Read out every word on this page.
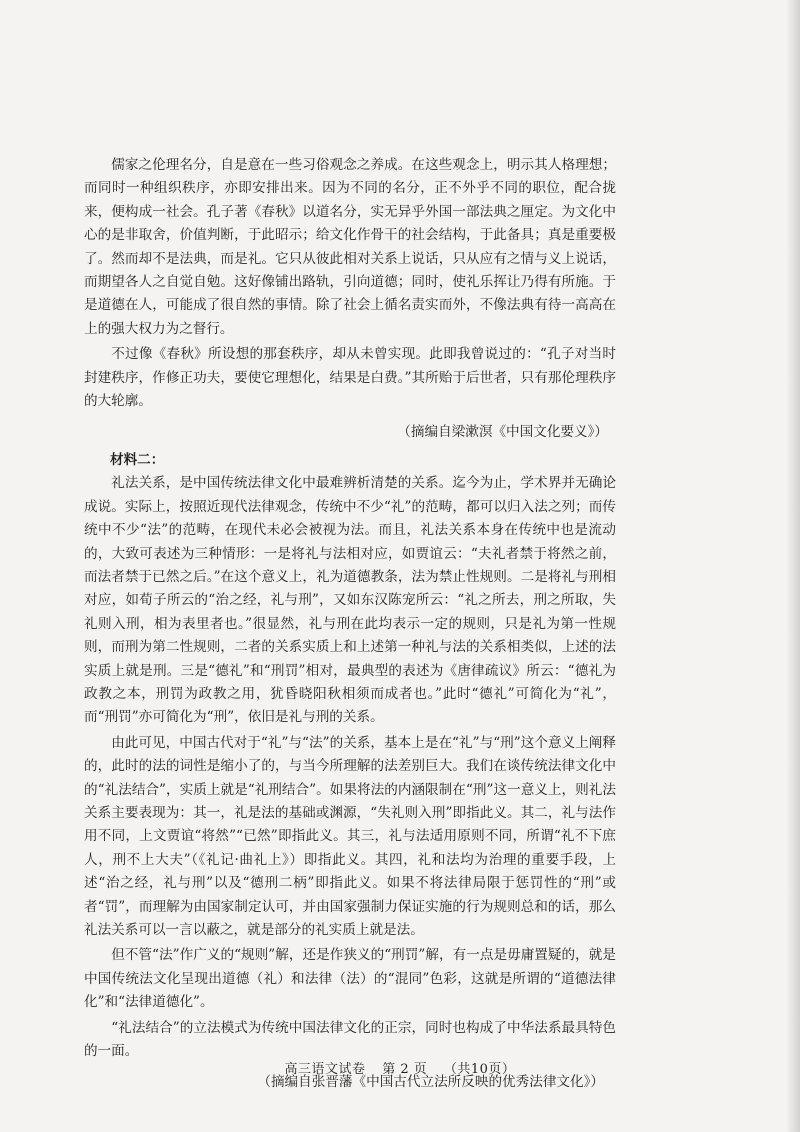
儒家之伦理名分，自是意在一些习俗观念之养成。在这些观念上，明示其人格理想；而同时一种组织秩序，亦即安排出来。因为不同的名分，正不外乎不同的职位，配合拢来，便构成一社会。孔子著《春秋》以道名分，实无异乎外国一部法典之厘定。为文化中心的是非取舍，价值判断，于此昭示；给文化作骨干的社会结构，于此备具；真是重要极了。然而却不是法典，而是礼。它只从彼此相对关系上说话，只从应有之情与义上说话，而期望各人之自觉自勉。这好像铺出路轨，引向道德；同时，使礼乐挥让乃得有所施。于是道德在人，可能成了很自然的事情。除了社会上循名责实而外，不像法典有待一高高在上的强大权力为之督行。

不过像《春秋》所设想的那套秩序，却从未曾实现。此即我曾说过的：“孔子对当时封建秩序，作修正功夫，要使它理想化，结果是白费。”其所贻于后世者，只有那伦理秩序的大轮廓。

（摘编自梁漱溟《中国文化要义》）
材料二：

礼法关系，是中国传统法律文化中最难辨析清楚的关系。迄今为止，学术界并无确论成说。实际上，按照近现代法律观念，传统中不少“礼”的范畴，都可以归入法之列；而传统中不少“法”的范畴，在现代未必会被视为法。而且，礼法关系本身在传统中也是流动的，大致可表述为三种情形：一是将礼与法相对应，如贾谊云：“夫礼者禁于将然之前，而法者禁于已然之后。”在这个意义上，礼为道德教条，法为禁止性规则。二是将礼与刑相对应，如荀子所云的“治之经，礼与刑”，又如东汉陈宠所云：“礼之所去，刑之所取，失礼则入刑，相为表里者也。”很显然，礼与刑在此均表示一定的规则，只是礼为第一性规则，而刑为第二性规则，二者的关系实质上和上述第一种礼与法的关系相类似，上述的法实质上就是刑。三是“德礼”和“刑罚”相对，最典型的表述为《唐律疏议》所云：“德礼为政教之本，刑罚为政教之用，犹昏晓阳秋相须而成者也。”此时“德礼”可简化为“礼”，而“刑罚”亦可简化为“刑”，依旧是礼与刑的关系。

由此可见，中国古代对于“礼”与“法”的关系，基本上是在“礼”与“刑”这个意义上阐释的，此时的法的词性是缩小了的，与当今所理解的法差别巨大。我们在谈传统法律文化中的“礼法结合”，实质上就是“礼刑结合”。如果将法的内涵限制在“刑”这一意义上，则礼法关系主要表现为：其一，礼是法的基础或渊源，“失礼则入刑”即指此义。其二，礼与法作用不同，上文贾谊“将然”“已然”即指此义。其三，礼与法适用原则不同，所谓“礼不下庶人，刑不上大夫”（《礼记·曲礼上》）即指此义。其四，礼和法均为治理的重要手段，上述“治之经，礼与刑”以及“德刑二柄”即指此义。如果不将法律局限于惩罚性的“刑”或者“罚”，而理解为由国家制定认可，并由国家强制力保证实施的行为规则总和的话，那么礼法关系可以一言以蔽之，就是部分的礼实质上就是法。

但不管“法”作广义的“规则”解，还是作狭义的“刑罚”解，有一点是毋庸置疑的，就是中国传统法文化呈现出道德（礼）和法律（法）的“混同”色彩，这就是所谓的“道德法律化”和“法律道德化”。

“礼法结合”的立法模式为传统中国法律文化的正宗，同时也构成了中华法系最具特色的一面。

（摘编自张晋藩《中国古代立法所反映的优秀法律文化》）
高三语文试卷 第 2 页 （共10页）
